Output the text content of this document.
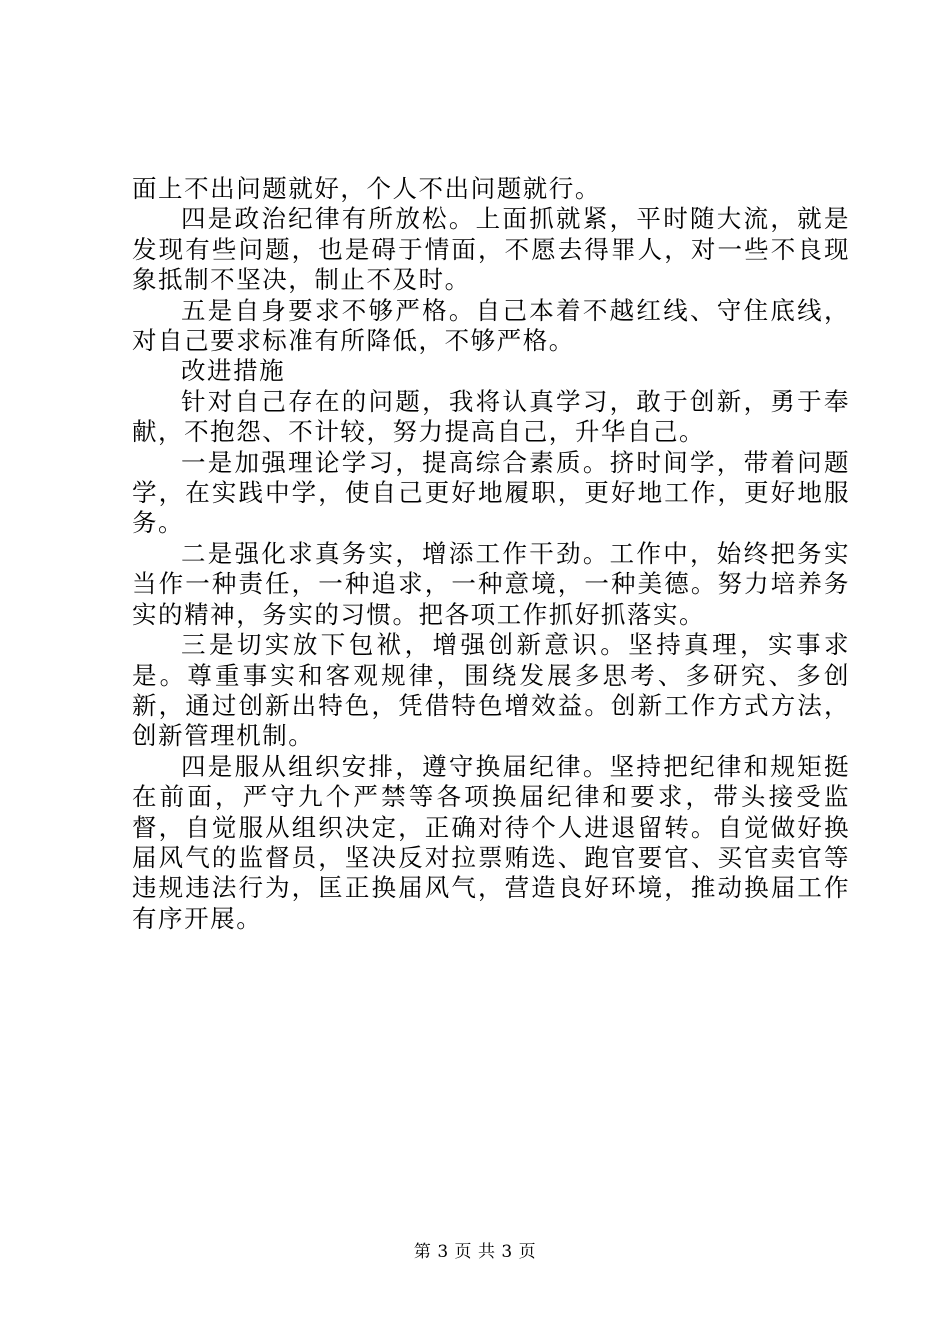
面上不出问题就好，个人不出问题就行。

四是政治纪律有所放松。上面抓就紧，平时随大流，就是发现有些问题，也是碍于情面，不愿去得罪人，对一些不良现象抵制不坚决，制止不及时。

五是自身要求不够严格。自己本着不越红线、守住底线，对自己要求标准有所降低，不够严格。

改进措施

针对自己存在的问题，我将认真学习，敢于创新，勇于奉献，不抱怨、不计较，努力提高自己，升华自己。

一是加强理论学习，提高综合素质。挤时间学，带着问题学，在实践中学，使自己更好地履职，更好地工作，更好地服务。

二是强化求真务实，增添工作干劲。工作中，始终把务实当作一种责任，一种追求，一种意境，一种美德。努力培养务实的精神，务实的习惯。把各项工作抓好抓落实。

三是切实放下包袱，增强创新意识。坚持真理，实事求是。尊重事实和客观规律，围绕发展多思考、多研究、多创新，通过创新出特色，凭借特色增效益。创新工作方式方法，创新管理机制。

四是服从组织安排，遵守换届纪律。坚持把纪律和规矩挺在前面，严守九个严禁等各项换届纪律和要求，带头接受监督，自觉服从组织决定，正确对待个人进退留转。自觉做好换届风气的监督员，坚决反对拉票贿选、跑官要官、买官卖官等违规违法行为，匡正换届风气，营造良好环境，推动换届工作有序开展。

第 3 页 共 3 页
